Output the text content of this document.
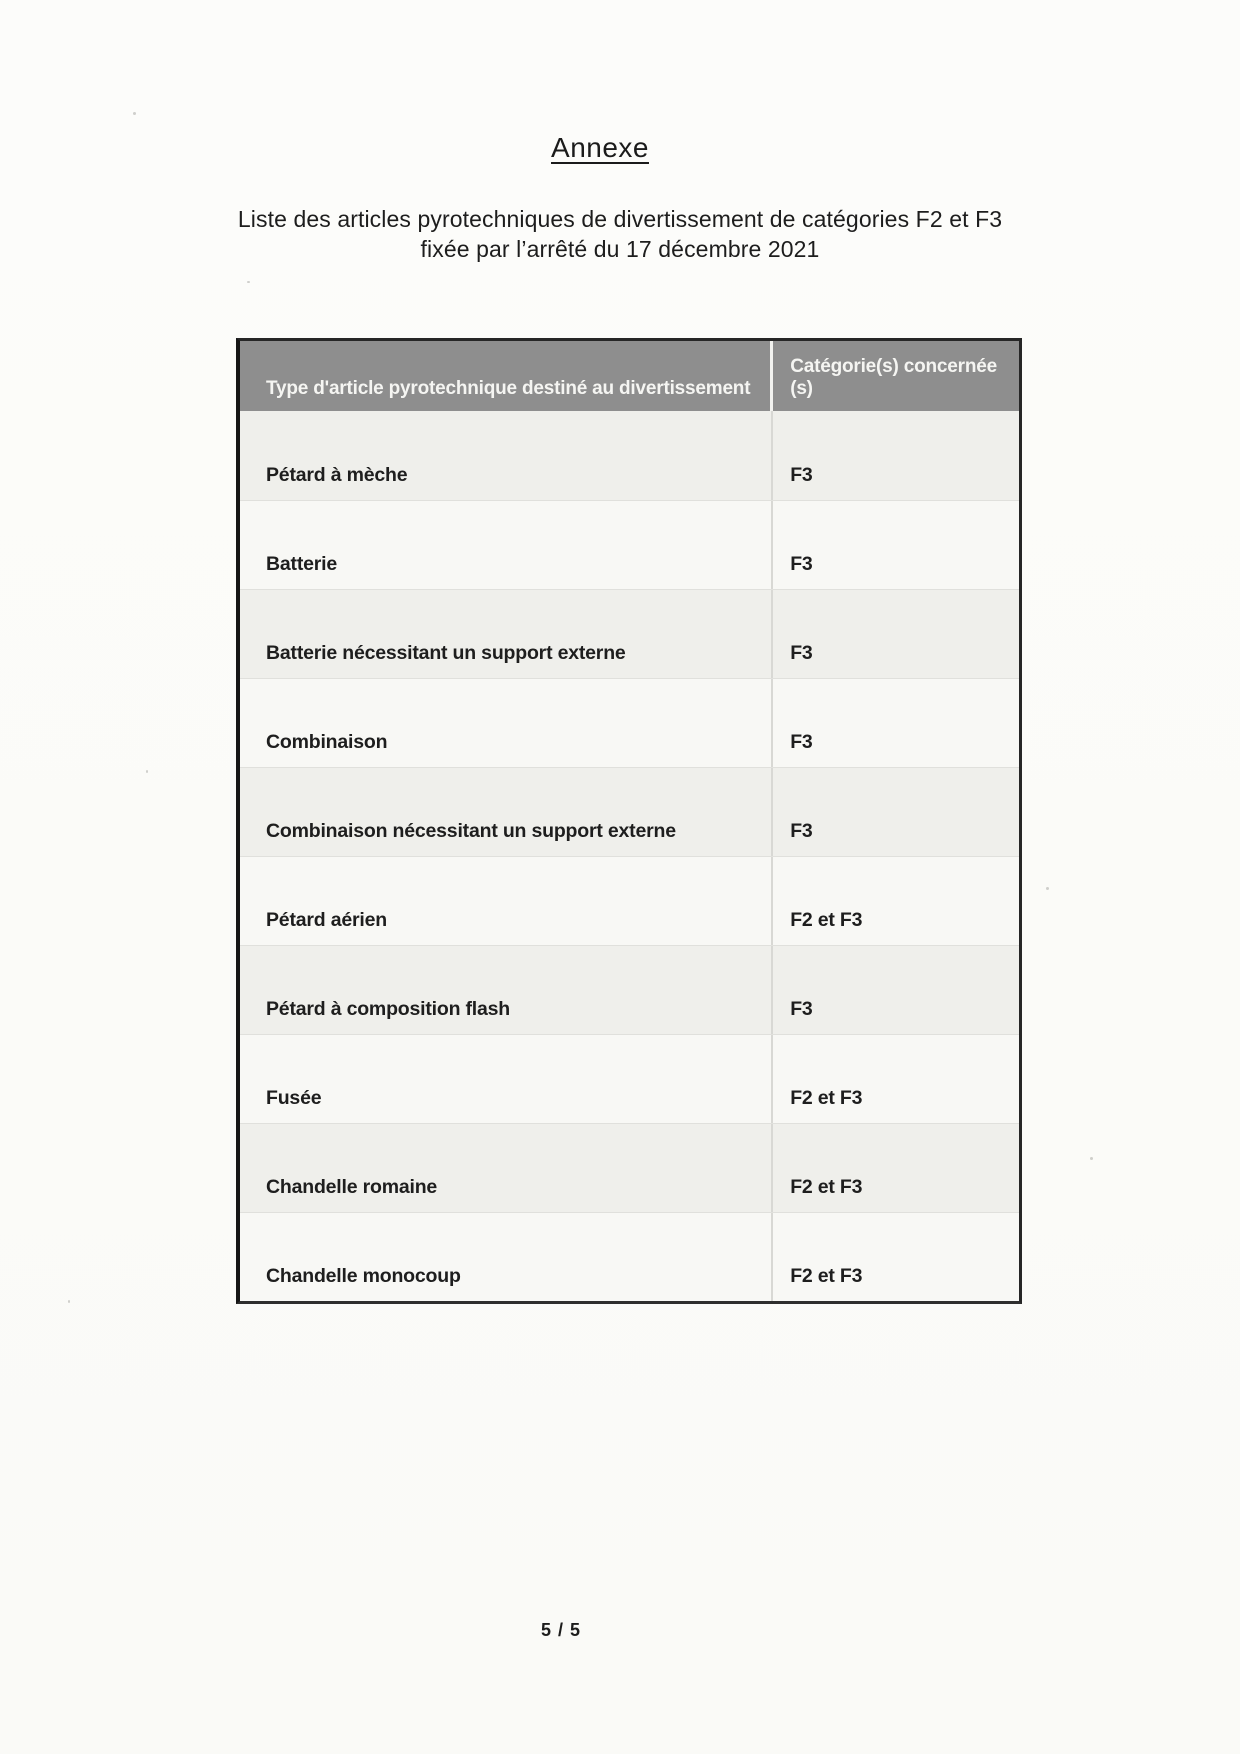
Annexe
Liste des articles pyrotechniques de divertissement de catégories F2 et F3
fixée par l’arrêté du 17 décembre 2021
Type d'article pyrotechnique destiné au divertissement
Catégorie(s) concernée (s)
Pétard à mèche	F3
Batterie	F3
Batterie nécessitant un support externe	F3
Combinaison	F3
Combinaison nécessitant un support externe	F3
Pétard aérien	F2 et F3
Pétard à composition flash	F3
Fusée	F2 et F3
Chandelle romaine	F2 et F3
Chandelle monocoup	F2 et F3
5 / 5
